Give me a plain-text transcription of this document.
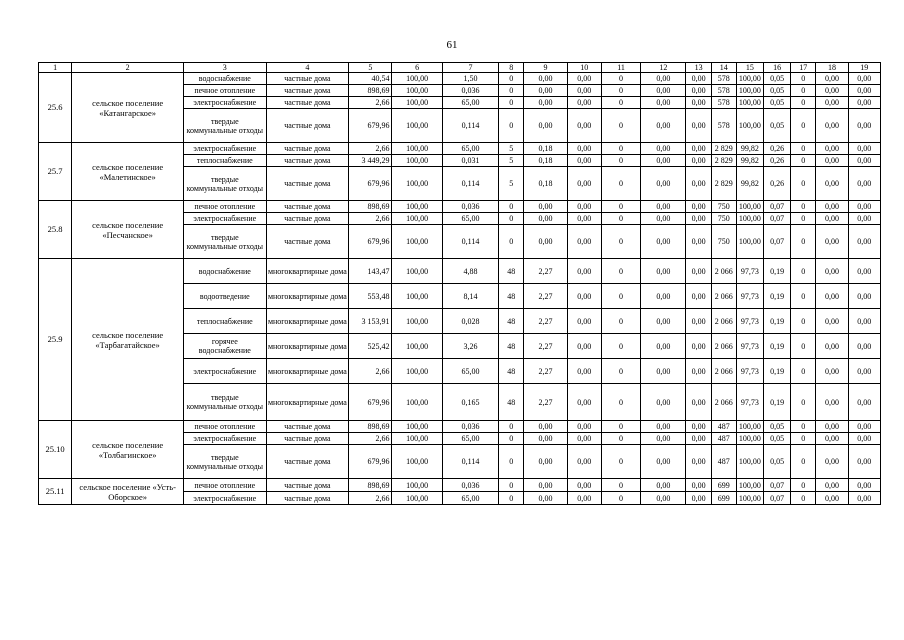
61
1	2	3	4	5	6	7	8	9	10	11	12	13	14	15	16	17	18	19
25.6	сельское поселение «Катангарское»	водоснабжение	частные дома	40,54	100,00	1,50	0	0,00	0,00	0	0,00	0,00	578	100,00	0,05	0	0,00	0,00
		печное отопление	частные дома	898,69	100,00	0,036	0	0,00	0,00	0	0,00	0,00	578	100,00	0,05	0	0,00	0,00
		электроснабжение	частные дома	2,66	100,00	65,00	0	0,00	0,00	0	0,00	0,00	578	100,00	0,05	0	0,00	0,00
		твердые коммунальные отходы	частные дома	679,96	100,00	0,114	0	0,00	0,00	0	0,00	0,00	578	100,00	0,05	0	0,00	0,00
25.7	сельское поселение «Малетинское»	электроснабжение	частные дома	2,66	100,00	65,00	5	0,18	0,00	0	0,00	0,00	2 829	99,82	0,26	0	0,00	0,00
		теплоснабжение	частные дома	3 449,29	100,00	0,031	5	0,18	0,00	0	0,00	0,00	2 829	99,82	0,26	0	0,00	0,00
		твердые коммунальные отходы	частные дома	679,96	100,00	0,114	5	0,18	0,00	0	0,00	0,00	2 829	99,82	0,26	0	0,00	0,00
25.8	сельское поселение «Песчанское»	печное отопление	частные дома	898,69	100,00	0,036	0	0,00	0,00	0	0,00	0,00	750	100,00	0,07	0	0,00	0,00
		электроснабжение	частные дома	2,66	100,00	65,00	0	0,00	0,00	0	0,00	0,00	750	100,00	0,07	0	0,00	0,00
		твердые коммунальные отходы	частные дома	679,96	100,00	0,114	0	0,00	0,00	0	0,00	0,00	750	100,00	0,07	0	0,00	0,00
25.9	сельское поселение «Тарбагатайское»	водоснабжение	многоквартирные дома	143,47	100,00	4,88	48	2,27	0,00	0	0,00	0,00	2 066	97,73	0,19	0	0,00	0,00
		водоотведение	многоквартирные дома	553,48	100,00	8,14	48	2,27	0,00	0	0,00	0,00	2 066	97,73	0,19	0	0,00	0,00
		теплоснабжение	многоквартирные дома	3 153,91	100,00	0,028	48	2,27	0,00	0	0,00	0,00	2 066	97,73	0,19	0	0,00	0,00
		горячее водоснабжение	многоквартирные дома	525,42	100,00	3,26	48	2,27	0,00	0	0,00	0,00	2 066	97,73	0,19	0	0,00	0,00
		электроснабжение	многоквартирные дома	2,66	100,00	65,00	48	2,27	0,00	0	0,00	0,00	2 066	97,73	0,19	0	0,00	0,00
		твердые коммунальные отходы	многоквартирные дома	679,96	100,00	0,165	48	2,27	0,00	0	0,00	0,00	2 066	97,73	0,19	0	0,00	0,00
25.10	сельское поселение «Толбагинское»	печное отопление	частные дома	898,69	100,00	0,036	0	0,00	0,00	0	0,00	0,00	487	100,00	0,05	0	0,00	0,00
		электроснабжение	частные дома	2,66	100,00	65,00	0	0,00	0,00	0	0,00	0,00	487	100,00	0,05	0	0,00	0,00
		твердые коммунальные отходы	частные дома	679,96	100,00	0,114	0	0,00	0,00	0	0,00	0,00	487	100,00	0,05	0	0,00	0,00
25.11	сельское поселение «Усть-Оборское»	печное отопление	частные дома	898,69	100,00	0,036	0	0,00	0,00	0	0,00	0,00	699	100,00	0,07	0	0,00	0,00
		электроснабжение	частные дома	2,66	100,00	65,00	0	0,00	0,00	0	0,00	0,00	699	100,00	0,07	0	0,00	0,00
